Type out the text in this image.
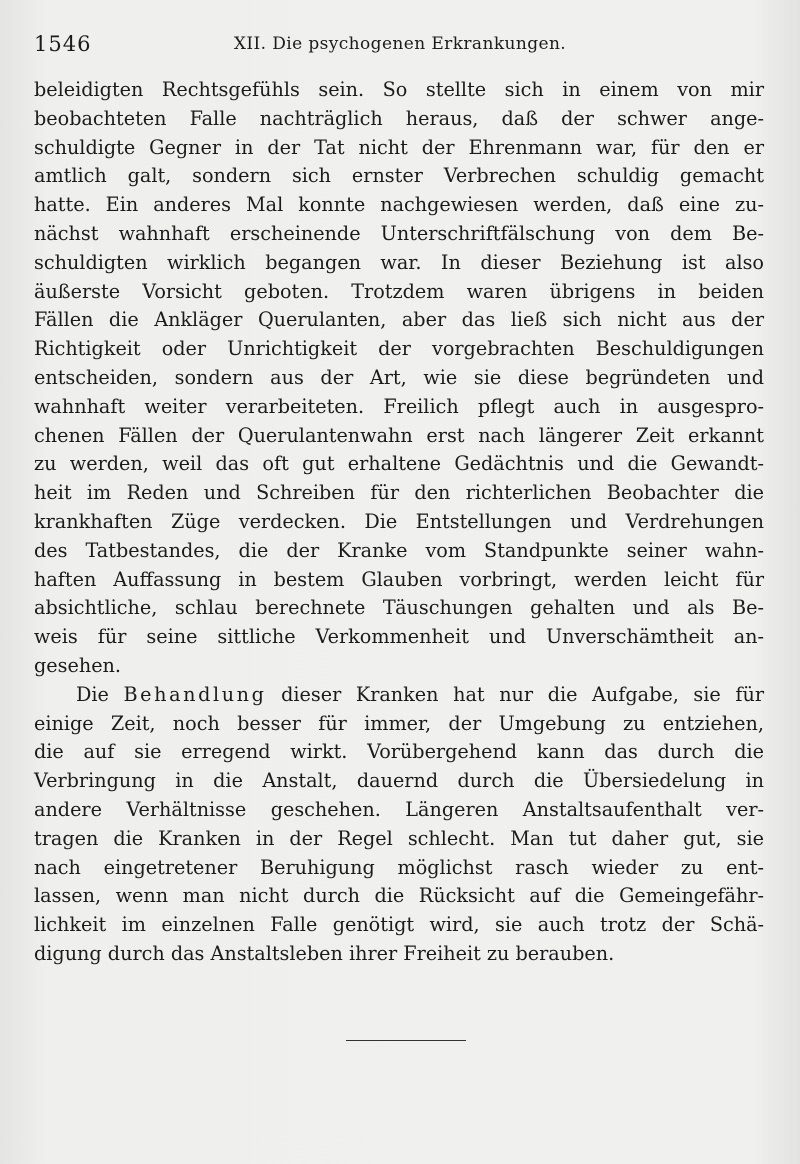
1546	XII. Die psychogenen Erkrankungen.

beleidigten Rechtsgefühls sein. So stellte sich in einem von mir
beobachteten Falle nachträglich heraus, daß der schwer ange-
schuldigte Gegner in der Tat nicht der Ehrenmann war, für den er
amtlich galt, sondern sich ernster Verbrechen schuldig gemacht
hatte. Ein anderes Mal konnte nachgewiesen werden, daß eine zu-
nächst wahnhaft erscheinende Unterschriftfälschung von dem Be-
schuldigten wirklich begangen war. In dieser Beziehung ist also
äußerste Vorsicht geboten. Trotzdem waren übrigens in beiden
Fällen die Ankläger Querulanten, aber das ließ sich nicht aus der
Richtigkeit oder Unrichtigkeit der vorgebrachten Beschuldigungen
entscheiden, sondern aus der Art, wie sie diese begründeten und
wahnhaft weiter verarbeiteten. Freilich pflegt auch in ausgespro-
chenen Fällen der Querulantenwahn erst nach längerer Zeit erkannt
zu werden, weil das oft gut erhaltene Gedächtnis und die Gewandt-
heit im Reden und Schreiben für den richterlichen Beobachter die
krankhaften Züge verdecken. Die Entstellungen und Verdrehungen
des Tatbestandes, die der Kranke vom Standpunkte seiner wahn-
haften Auffassung in bestem Glauben vorbringt, werden leicht für
absichtliche, schlau berechnete Täuschungen gehalten und als Be-
weis für seine sittliche Verkommenheit und Unverschämtheit an-
gesehen.

Die Behandlung dieser Kranken hat nur die Aufgabe, sie für
einige Zeit, noch besser für immer, der Umgebung zu entziehen,
die auf sie erregend wirkt. Vorübergehend kann das durch die
Verbringung in die Anstalt, dauernd durch die Übersiedelung in
andere Verhältnisse geschehen. Längeren Anstaltsaufenthalt ver-
tragen die Kranken in der Regel schlecht. Man tut daher gut, sie
nach eingetretener Beruhigung möglichst rasch wieder zu ent-
lassen, wenn man nicht durch die Rücksicht auf die Gemeingefähr-
lichkeit im einzelnen Falle genötigt wird, sie auch trotz der Schä-
digung durch das Anstaltsleben ihrer Freiheit zu berauben.
